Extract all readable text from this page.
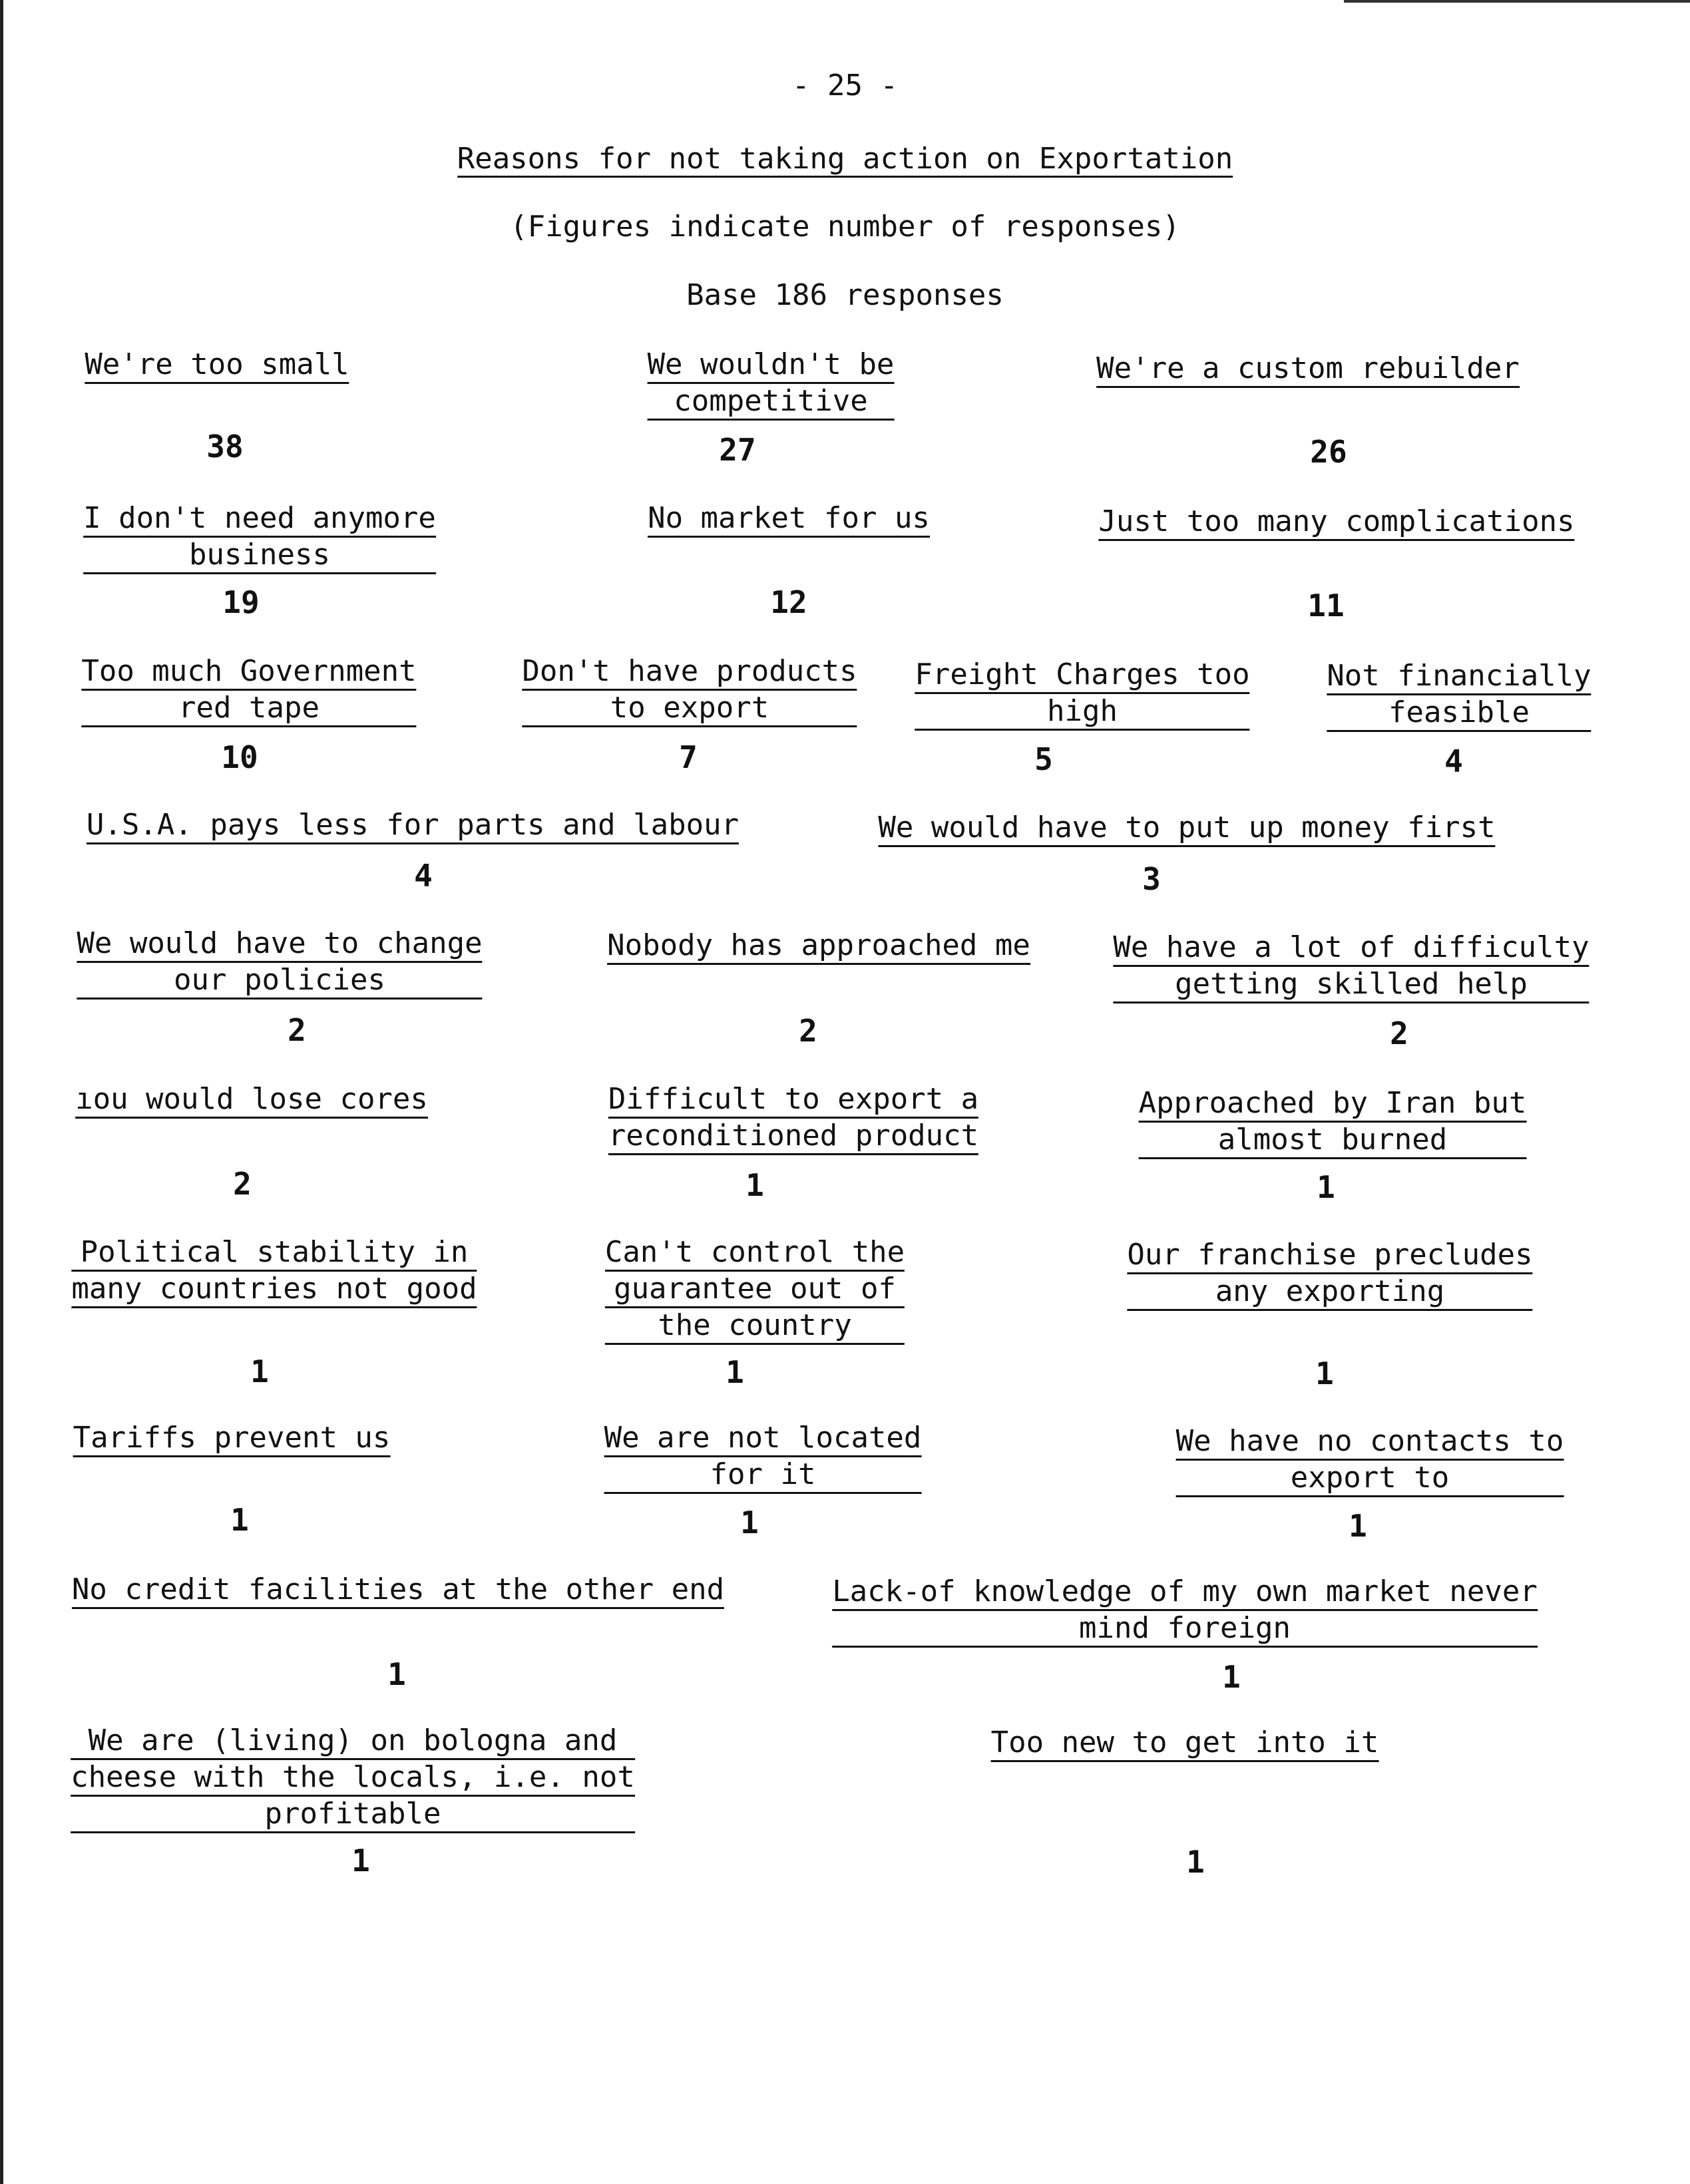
- 25 -
Reasons for not taking action on Exportation
(Figures indicate number of responses)
Base 186 responses
We're too small
38
We wouldn't be
competitive
27
We're a custom rebuilder
26
I don't need anymore
business
19
No market for us
12
Just too many complications
11
Too much Government
red tape
10
Don't have products
to export
7
Freight Charges too
high
5
Not financially
feasible
4
U.S.A. pays less for parts and labour
4
We would have to put up money first
3
We would have to change
our policies
2
Nobody has approached me
2
We have a lot of difficulty
getting skilled help
2
ıou would lose cores
2
Difficult to export a
reconditioned product
1
Approached by Iran but
almost burned
1
Political stability in
many countries not good
1
Can't control the
guarantee out of
the country
1
Our franchise precludes
any exporting
1
Tariffs prevent us
1
We are not located
for it
1
We have no contacts to
export to
1
No credit facilities at the other end
1
Lack-of knowledge of my own market never
mind foreign
1
We are (living) on bologna and
cheese with the locals, i.e. not
profitable
1
Too new to get into it
1
